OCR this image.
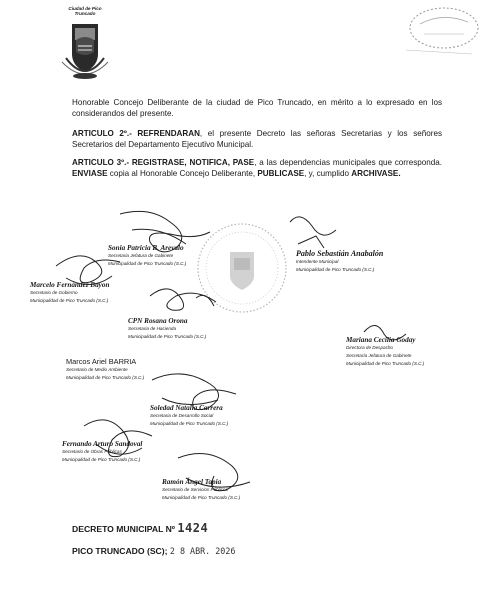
Ciudad de Pico Truncado
Honorable Concejo Deliberante de la ciudad de Pico Truncado, en mérito a lo expresado en los considerandos del presente.
ARTICULO 2º.- REFRENDARAN, el presente Decreto las señoras Secretarias y los señores Secretarios del Departamento Ejecutivo Municipal.
ARTICULO 3º.- REGISTRASE, NOTIFICA, PASE, a las dependencias municipales que corresponda. ENVIASE copia al Honorable Concejo Deliberante, PUBLICASE, y, cumplido ARCHIVASE.
Sonia Patricia B. Arevalo
Secretaria Jefatura de Gabinete
Municipalidad de Pico Truncado (S.C.)
Pablo Sebastián Anabalón
Intendente Municipal
Municipalidad de Pico Truncado (S.C.)
Marcelo Fernández Bayon
Secretario de Gobierno
Municipalidad de Pico Truncado (S.C.)
CPN Rosana Orona
Secretaria de Hacienda
Municipalidad de Pico Truncado (S.C.)	Mariana Cecilia Goday
Directora de Despacho
Secretaría Jefatura de Gabinete
Municipalidad de Pico Truncado (S.C.)
Marcos Ariel BARRIA
Secretario de Medio Ambiente
Municipalidad de Pico Truncado (S.C.)
Soledad Natalia Carrera
Secretaria de Desarrollo Social
Municipalidad de Pico Truncado (S.C.)
Fernando Arturo Sandoval
Secretario de Obras Públicas
Municipalidad de Pico Truncado (S.C.)
Ramón Ángel Tapia
Secretario de Servicios Públicos
Municipalidad de Pico Truncado (S.C.)
DECRETO MUNICIPAL Nº 1424
PICO TRUNCADO (SC); 2 8 ABR. 2026
